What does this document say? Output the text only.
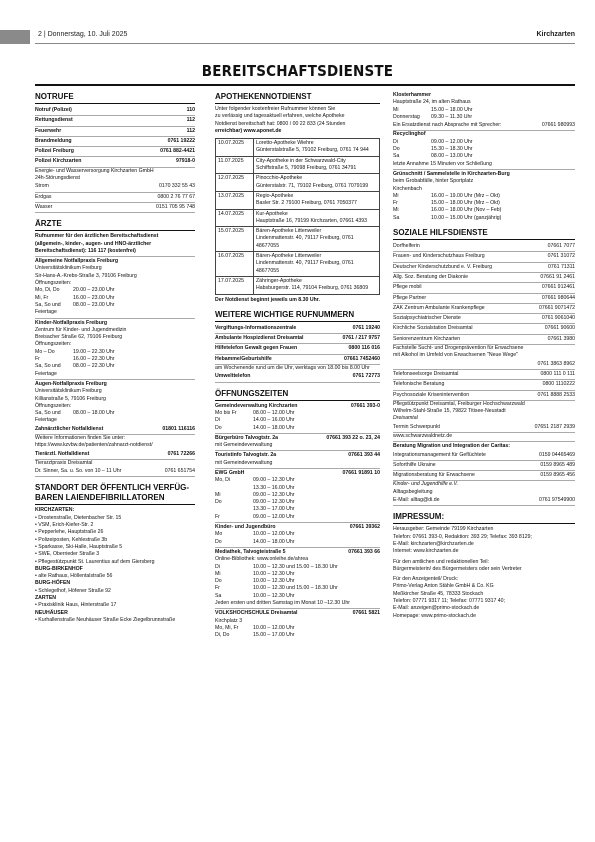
2 | Donnerstag, 10. Juli 2025	Kirchzarten
BEREITSCHAFTSDIENSTE
NOTRUFE
Notruf (Polizei)	110
Rettungsdienst	112
Feuerwehr	112
Brandmeldung	0761 19222
Polizei Freiburg	0761 882-4421
Polizei Kirchzarten	97918-0
Energie- und Wasserversorgung Kirchzarten GmbH
24h-Störungsdienst
Strom	0170 332 55 43
Erdgas	0800 2 76 77 67
Wasser	0151 705 95 748
ÄRZTE
Rufnummer für den ärztlichen Bereitschaftsdienst
(allgemein-, kinder-, augen- und HNO-ärztlicher
Bereitschaftsdienst): 116 117 (kostenfrei)
Allgemeine Notfallpraxis Freiburg
Universitätsklinikum Freiburg
Sir-Hans-A.-Krebs-Straße 3, 79106 Freiburg
Öffnungszeiten:
Mo, Di, Do	20.00 – 23.00 Uhr
Mi, Fr	16.00 – 23.00 Uhr
Sa, So und Feiertage
08.00 – 23.00 Uhr
Kinder-Notfallpraxis Freiburg
Zentrum für Kinder- und Jugendmedizin
Breisacher Straße 62, 79106 Freiburg
Öffnungszeiten:
Mo – Do	19.00 – 22.30 Uhr
Fr	16.00 – 22.30 Uhr
Sa, So und Feiertage
08.00 – 22.30 Uhr
Augen-Notfallpraxis Freiburg
Universitätsklinikum Freiburg
Killianstraße 5, 79106 Freiburg
Öffnungszeiten:
Sa, So und Feiertage
08.00 – 18.00 Uhr
Zahnärztlicher Notfalldienst	01801 116116
Weitere Informationen finden Sie unter:
https://www.kzvbw.de/patienten/zahnarzt-notdienst/
Tierärztl. Notfalldienst	0761 72266
Tierarztpraxis Dreisamtal
Dr. Sinner, Sa. u. So. von 10 – 11 Uhr	0761 651754
STANDORT DER ÖFFENTLICH VERFÜG-BAREN LAIENDEFIBRILLATOREN
KIRCHZARTEN:
• Drostenstraße, Dietenbacher Str. 15
• VSM, Erich-Kiefer-Str. 2
• Pepperlehe, Hauptstraße 26
• Polizeiposten, Kehlestraße 3b
• Sparkasse, Ski-Halle, Hauptstraße 5
• SWE, Oberrieder Straße 3
• Pflegestützpunkt St. Laurentius auf dem Giersberg
BURG-BIRKENHOF
• alte Rathaus, Höllentalstraße 56
BURG-HÖFEN
• Schlegelhof, Höfener Straße 92
ZARTEN
• Praxisklinik Haus, Hinterstraße 17
NEUHÄUSER
• Kurhallenstraße Neuhäuser Straße Ecke Ziegelbrunnstraße
APOTHEKENNOTDIENST
Unter folgender kostenfreier Rufnummer können Sie
zu verlässig und tagesaktuell erfahren, welche Apotheke
Notdienst bereitschaft hat: 0800 / 00 22 833 (24 Stunden
erreichbar) www.aponet.de
10.07.2025	Loretto-Apotheke Wiehre
Günterstalstraße 5, 79102 Freiburg, 0761 74 944
11.07.2025	City-Apotheke in der Schwarzwald-City
Schiffstraße 5, 79098 Freiburg, 0761 34791
12.07.2025	Pinocchio-Apotheke
Günterstalstr. 71, 79102 Freiburg, 0761 7079199
13.07.2025	Regio-Apotheke
Basler Str. 2 79100 Freiburg, 0761 7050377
14.07.2025	Kur-Apotheke
Hauptstraße 16, 79199 Kirchzarten, 07661 4393
15.07.2025	Bären-Apotheke Littenweiler
Lindenmattenstr. 40, 79117 Freiburg, 0761 48677055
16.07.2025	Bären-Apotheke Littenweiler
Lindenmattenstr. 40, 79117 Freiburg, 0761 48677055
17.07.2025	Zähringer-Apotheke
Habsburgerstr. 114, 79104 Freiburg, 0761 36809
Der Notdienst beginnt jeweils um 8.30 Uhr.
WEITERE WICHTIGE RUFNUMMERN
Vergiftungs-Informationszentrale	0761 19240
Ambulante Hospizdienst Dreisamtal	0761 / 217 9757
Hilfetelefon Gewalt gegen Frauen	0800 116 016
Hebamme/Geburtshilfe	07661 7452460
am Wochenende rund um die Uhr, werktags von 18.00 bis 8.00 Uhr
Umwelttelefon	0761 72773
ÖFFNUNGSZEITEN
Gemeindeverwaltung Kirchzarten	07661 393-0
Mo bis Fr	08.00 – 12.00 Uhr
Di	14.00 – 16.00 Uhr
Do	14.00 – 18.00 Uhr
Bürgerbüro Talvogtstr. 2a	07661 393 22 o. 23, 24
mit Gemeindeverwaltung
Touristinfo Talvogtstr. 2a	07661 393 44
mit Gemeindeverwaltung
EWG GmbH	07661 91891 10
Mo, Di	09.00 – 12.30 Uhr
13.30 – 16.00 Uhr
Mi	09.00 – 12.30 Uhr
Do	09.00 – 12.30 Uhr
13.30 – 17.00 Uhr
Fr	09.00 – 12.00 Uhr
Kinder- und Jugendbüro	07661 39362
Mo	10.00 – 12.00 Uhr
Do	14.00 – 18.00 Uhr
Mediathek, Talvogteistraße 5	07661 393 66
Online-Bibliothek: www.onleihe.de/ahrea
Di	10.00 – 12.30 und 15.00 – 18.30 Uhr
Mi	10.00 – 12.30 Uhr
Do	10.00 – 12.30 Uhr
Fr	10.00 – 12.30 und 15.00 – 18.30 Uhr
Sa	10.00 – 12.30 Uhr
Jeden ersten und dritten Samstag im Monat 10 –12.30 Uhr
VOLKSHOCHSCHULE Dreisamtal	07661 5821
Kirchplatz 3
Mo, Mi, Fr	10.00 – 12.00 Uhr
Di, Do	15.00 – 17.00 Uhr
Klosterhammer
Hauptstraße 24, im alten Rathaus
Mi	15.00 – 18.00 Uhr
Donnerstag	09.30 – 11.30 Uhr
Ein Ersatzdienst nach Absprache mit Sprecher:	07661 980993
Recyclinghof
Di	09.00 – 12.00 Uhr
Do	15.30 – 18.30 Uhr
Sa	08.00 – 13.00 Uhr
letzte Annahme 15 Minuten vor Schließung
Grünschnitt / Sammelstelle in Kirchzarten-Burg
beim Grobabfälle, hinter Sportplatz
Kirchenbach
Mi	16.00 – 19.00 Uhr (Mrz – Okt)
Fr	15.00 – 18.00 Uhr (Mrz – Okt)
Mi	16.00 – 18.00 Uhr (Nov – Feb)
Sa	10.00 – 15.00 Uhr (ganzjährig)
SOZIALE HILFSDIENSTE
Dorfhelferin	07661 7077
Frauen- und Kinderschutzhaus Freiburg	0761 31072
Deutscher Kinderschutzbund e. V. Freiburg	0761 71311
Allg. Soz. Beratung der Diakonie	07661 91 2461
Pflege mobil	07661 912461
Pflege Partner	07661 980644
ZAK Zentrum Ambulante Krankenpflege	07661 9071472
Sozialpsychiatrischer Dienste	0761 9061040
Kirchliche Sozialstation Dreisamtal	07661 90600
Seniorenzentrum Kirchzarten	07661 3980
Fachstelle Sucht- und Drogenprävention für Erwachsene
mit Alkohol im Umfeld von Erwachsenen "Neue Wege"
0761 3863 8962
Telefonseelsorge Dreisamtal	0800 111 0 111
Telefonische Beratung	0800 1110222
Psychosoziale Krisenintervention	0761 8888 2533
Pflegstützpunkt Dreisamtal, Freiburger Hochschwarzwald
Wilhelm-Stahl-Straße 15, 79822 Titisee-Neustadt
Dreisamtal
Termin Schwerpunkt	07651 2187 2939
www.schwarzwaldnetz.de
Beratung Migration und Integration der Caritas:
Integrationsmanagement für Geflüchtete	0159 04465469
Soforthilfe Ukraine	0159 8965 489
Migrationsberatung für Erwachsene	0159 8965 456
Kinder- und Jugendhilfe e.V.
Alltagsbegleitung
E-Mail: alltag@di.de	0761 97549900
IMPRESSUM:
Herausgeber: Gemeinde 79199 Kirchzarten
Telefon: 07661 393-0, Redaktion: 393 29; Telefax: 393 8129;
E-Mail: kirchzarten@kirchzarten.de
Internet: www.kirchzarten.de
Für den amtlichen und redaktionellen Teil:
Bürgermeisterin/ des Bürgermeisters oder sein Vertreter
Für den Anzeigenteil/ Druck:
Primo-Verlag Anton Stähle GmbH & Co. KG
Meßkircher Straße 45, 78333 Stockach
Telefon: 07771 9317 11; Telefax: 07771 9317 40;
E-Mail: anzeigen@primo-stockach.de
Homepage: www.primo-stockach.de
